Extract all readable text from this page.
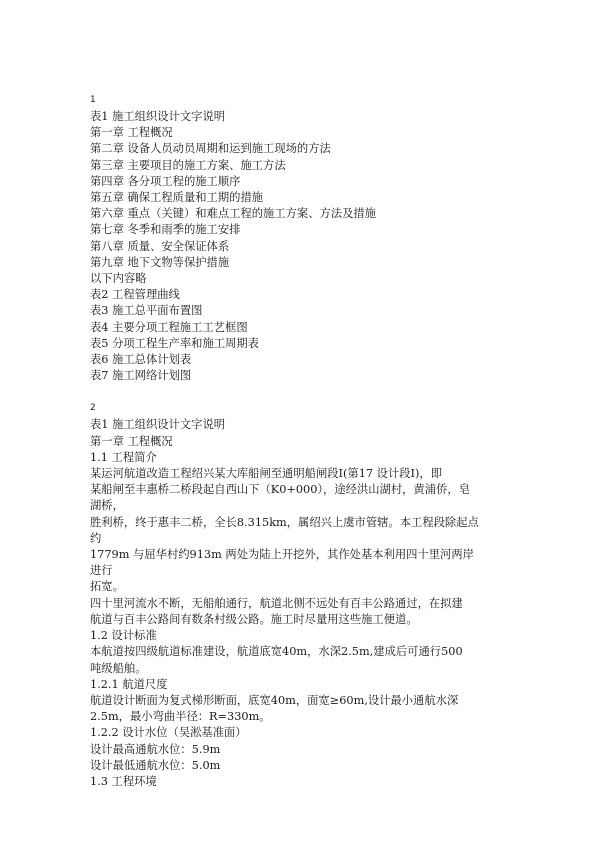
1
表1 施工组织设计文字说明
第一章 工程概况
第二章 设备人员动员周期和运到施工现场的方法
第三章 主要项目的施工方案、施工方法
第四章 各分项工程的施工顺序
第五章 确保工程质量和工期的措施
第六章 重点（关键）和难点工程的施工方案、方法及措施
第七章 冬季和雨季的施工安排
第八章 质量、安全保证体系
第九章 地下文物等保护措施
以下内容略
表2 工程管理曲线
表3 施工总平面布置图
表4 主要分项工程施工工艺框图
表5 分项工程生产率和施工周期表
表6 施工总体计划表
表7 施工网络计划图
2
表1 施工组织设计文字说明
第一章 工程概况
1.1 工程简介
某运河航道改造工程绍兴某大库船闸至通明船闸段Ⅰ(第17 设计段Ⅰ)，即
某船闸至丰惠桥二桥段起自西山下（K0+000），途经洪山湖村，黄浦侨，皂
湖桥，
胜利桥，终于惠丰二桥，全长8.315km，属绍兴上虞市管辖。本工程段除起点
约
1779m 与屈华村约913m 两处为陆上开挖外，其作处基本利用四十里河两岸
进行
拓宽。
四十里河流水不断，无船舶通行，航道北侧不远处有百丰公路通过，在拟建
航道与百丰公路间有数条村级公路。施工时尽量用这些施工便道。
1.2 设计标准
本航道按四级航道标准建设，航道底宽40m，水深2.5m,建成后可通行500
吨级船舶。
1.2.1 航道尺度
航道设计断面为复式梯形断面，底宽40m，面宽≥60m,设计最小通航水深
2.5m，最小弯曲半径：R=330m。
1.2.2 设计水位（吴淞基准面）
设计最高通航水位：5.9m
设计最低通航水位：5.0m
1.3 工程环境
